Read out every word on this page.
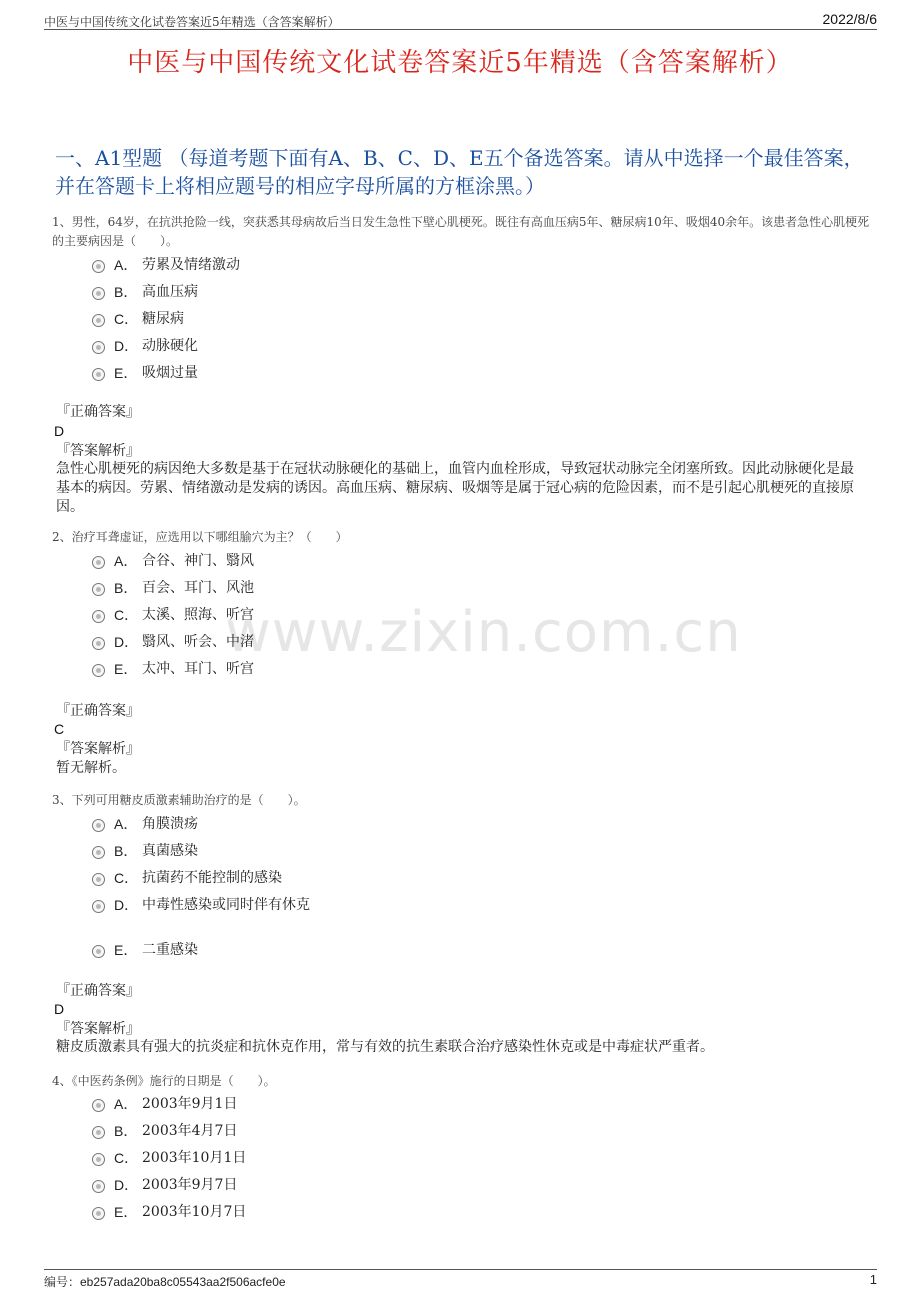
中医与中国传统文化试卷答案近5年精选（含答案解析）	2022/8/6
中医与中国传统文化试卷答案近5年精选（含答案解析）
www.zixin.com.cn
一、A1型题 （每道考题下面有A、B、C、D、E五个备选答案。请从中选择一个最佳答案，并在答题卡上将相应题号的相应字母所属的方框涂黑。）
1、男性，64岁，在抗洪抢险一线，突获悉其母病故后当日发生急性下壁心肌梗死。既往有高血压病5年、糖尿病10年、吸烟40余年。该患者急性心肌梗死的主要病因是（　　）。
A． 劳累及情绪激动
B． 高血压病
C． 糖尿病
D． 动脉硬化
E． 吸烟过量
『正确答案』
D
『答案解析』
急性心肌梗死的病因绝大多数是基于在冠状动脉硬化的基础上，血管内血栓形成，导致冠状动脉完全闭塞所致。因此动脉硬化是最基本的病因。劳累、情绪激动是发病的诱因。高血压病、糖尿病、吸烟等是属于冠心病的危险因素，而不是引起心肌梗死的直接原因。
2、治疗耳聋虚证，应选用以下哪组腧穴为主？（　　）
A． 合谷、神门、翳风
B． 百会、耳门、风池
C． 太溪、照海、听宫
D． 翳风、听会、中渚
E． 太冲、耳门、听宫
『正确答案』
C
『答案解析』
暂无解析。
3、下列可用糖皮质激素辅助治疗的是（　　）。
A． 角膜溃疡
B． 真菌感染
C． 抗菌药不能控制的感染
D． 中毒性感染或同时伴有休克
E． 二重感染
『正确答案』
D
『答案解析』
糖皮质激素具有强大的抗炎症和抗休克作用，常与有效的抗生素联合治疗感染性休克或是中毒症状严重者。
4、《中医药条例》施行的日期是（　　）。
A． 2003年9月1日
B． 2003年4月7日
C． 2003年10月1日
D． 2003年9月7日
E． 2003年10月7日
编号：eb257ada20ba8c05543aa2f506acfe0e	1
